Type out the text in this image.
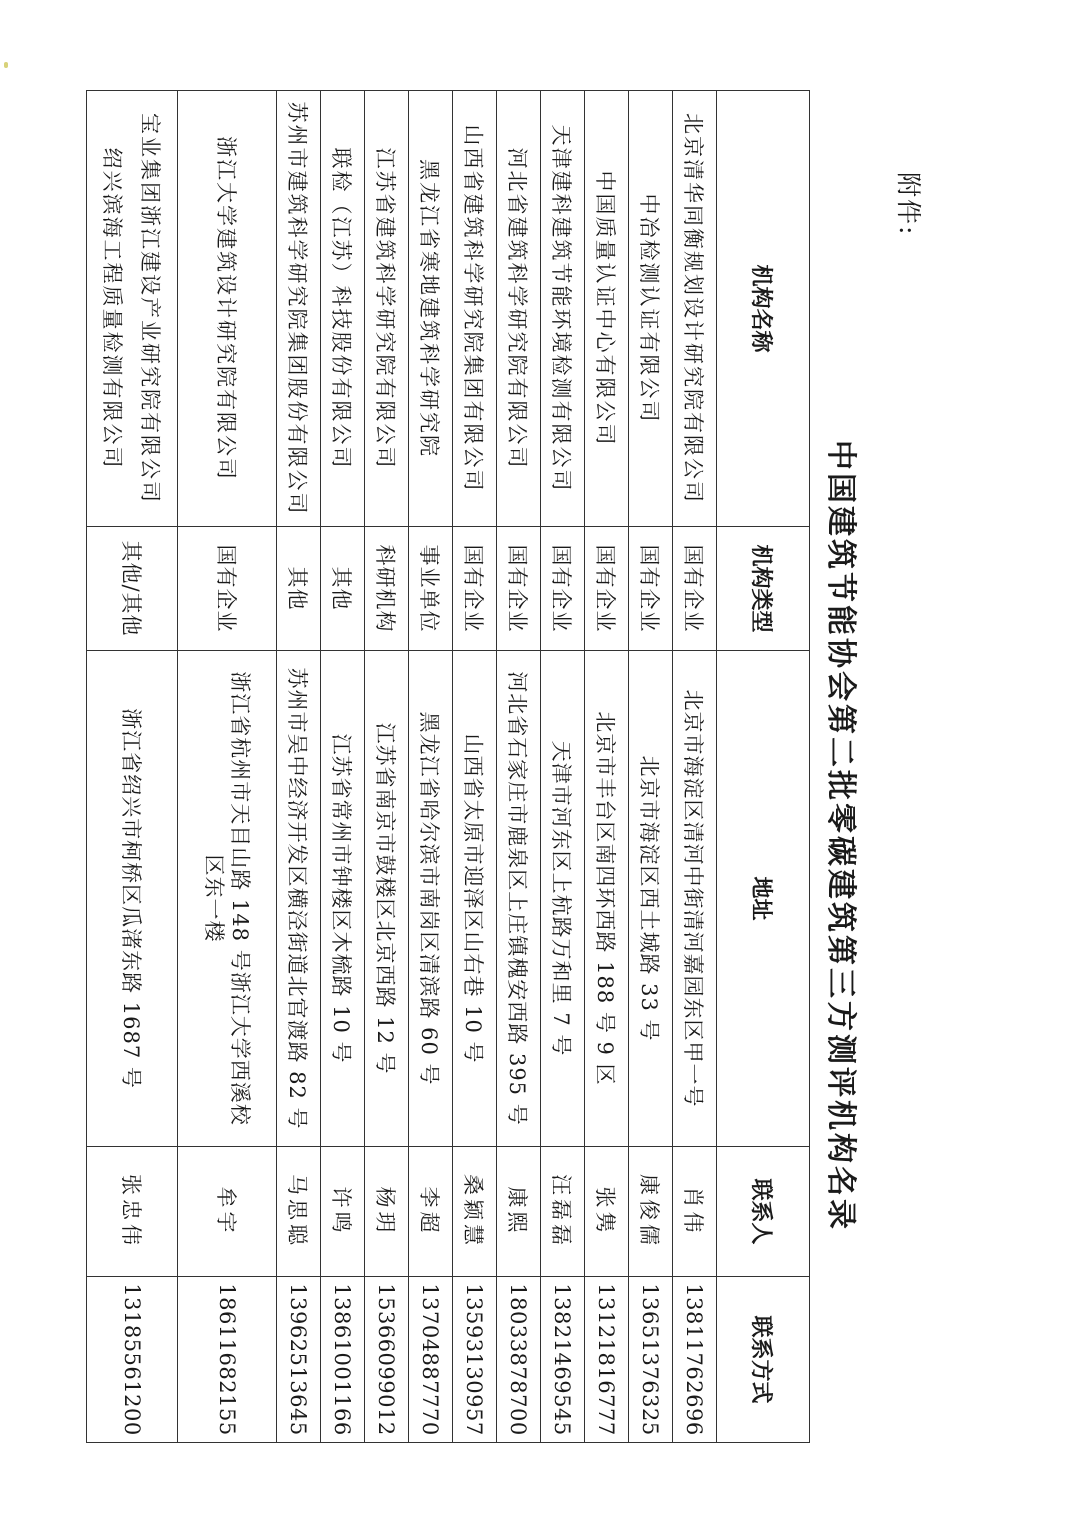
附件:
中国建筑节能协会第二批零碳建筑第三方测评机构名录
机构名称	机构类型	地址	联系人	联系方式
北京清华同衡规划设计研究院有限公司	国有企业	北京市海淀区清河中街清河嘉园东区甲一号	肖伟	13811762696
中冶检测认证有限公司	国有企业	北京市海淀区西土城路 33 号	康俊儒	13651376325
中国质量认证中心有限公司	国有企业	北京市丰台区南四环西路 188 号 9 区	张隽	13121816777
天津建科建筑节能环境检测有限公司	国有企业	天津市河东区上杭路万和里 7 号	汪磊磊	13821469545
河北省建筑科学研究院有限公司	国有企业	河北省石家庄市鹿泉区上庄镇槐安西路 395 号	康熙	18033878700
山西省建筑科学研究院集团有限公司	国有企业	山西省太原市迎泽区山右巷 10 号	桑颖慧	13593130957
黑龙江省寒地建筑科学研究院	事业单位	黑龙江省哈尔滨市南岗区清滨路 60 号	李超	13704887770
江苏省建筑科学研究院有限公司	科研机构	江苏省南京市鼓楼区北京西路 12 号	杨玥	15366099012
联检（江苏）科技股份有限公司	其他	江苏省常州市钟楼区木梳路 10 号	许鸣	13861001166
苏州市建筑科学研究院集团股份有限公司	其他	苏州市吴中经济开发区横泾街道北官渡路 82 号	马思聪	13962513645
浙江大学建筑设计研究院有限公司	国有企业	浙江省杭州市天目山路 148 号浙江大学西溪校区东一楼	牟宇	18611682155

宝业集团浙江建设产业研究院有限公司
绍兴滨海工程质量检测有限公司	其他/其他	浙江省绍兴市柯桥区瓜渚东路 1687 号	张忠伟	13185561200
